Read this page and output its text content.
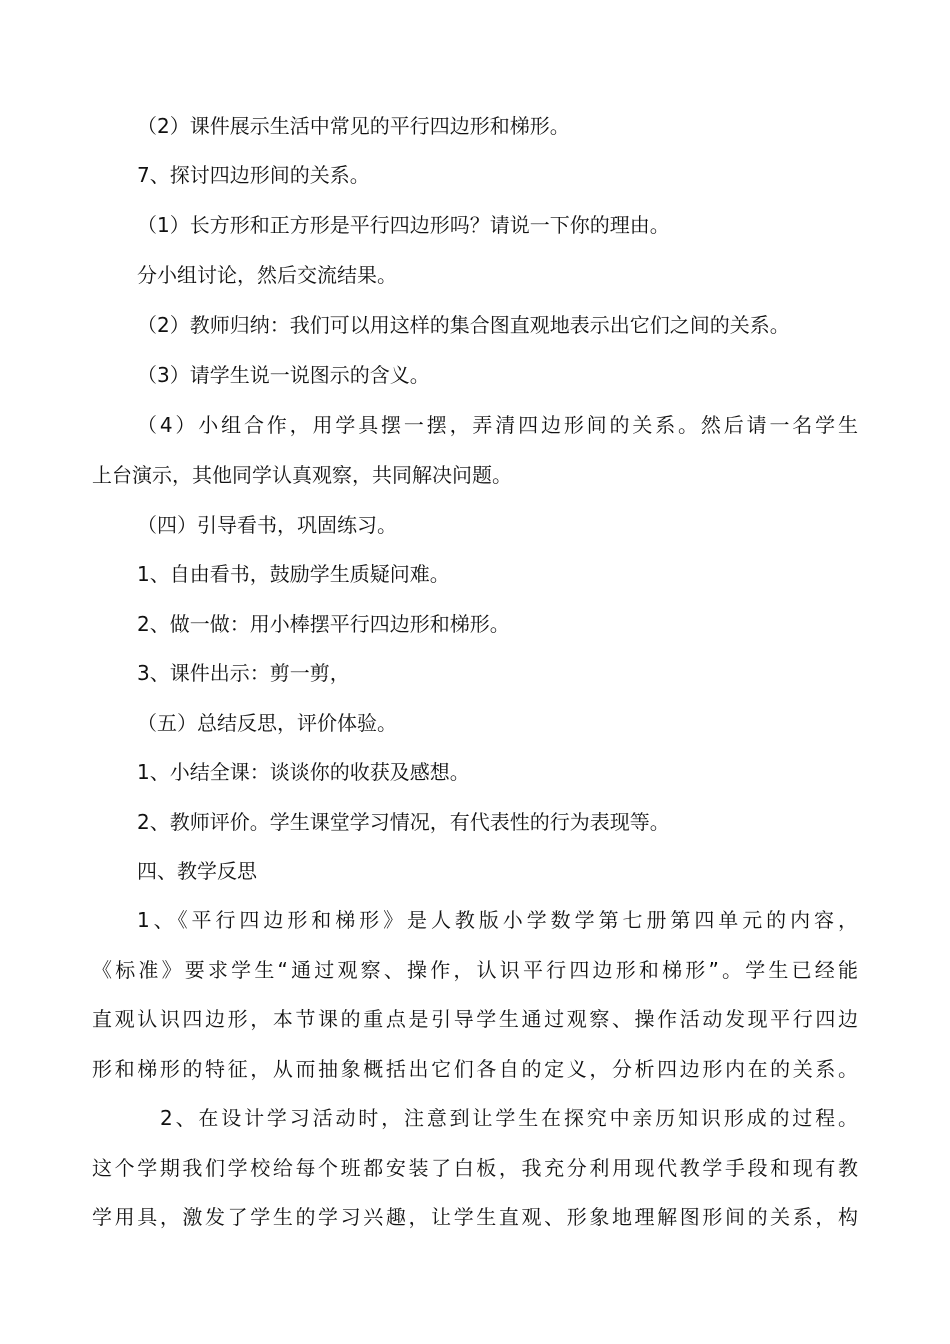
（2）课件展示生活中常见的平行四边形和梯形。
7、探讨四边形间的关系。
（1）长方形和正方形是平行四边形吗？请说一下你的理由。
分小组讨论，然后交流结果。
（2）教师归纳：我们可以用这样的集合图直观地表示出它们之间的关系。
（3）请学生说一说图示的含义。
（4）小组合作，用学具摆一摆，弄清四边形间的关系。然后请一名学生
上台演示，其他同学认真观察，共同解决问题。
（四）引导看书，巩固练习。
1、自由看书，鼓励学生质疑问难。
2、做一做：用小棒摆平行四边形和梯形。
3、课件出示：剪一剪，
（五）总结反思，评价体验。
1、小结全课：谈谈你的收获及感想。
2、教师评价。学生课堂学习情况，有代表性的行为表现等。
四、教学反思
1、《平行四边形和梯形》是人教版小学数学第七册第四单元的内容，
《标准》要求学生“通过观察、操作，认识平行四边形和梯形”。学生已经能
直观认识四边形，本节课的重点是引导学生通过观察、操作活动发现平行四边
形和梯形的特征，从而抽象概括出它们各自的定义，分析四边形内在的关系。
2、在设计学习活动时，注意到让学生在探究中亲历知识形成的过程。
这个学期我们学校给每个班都安装了白板，我充分利用现代教学手段和现有教
学用具，激发了学生的学习兴趣，让学生直观、形象地理解图形间的关系，构
